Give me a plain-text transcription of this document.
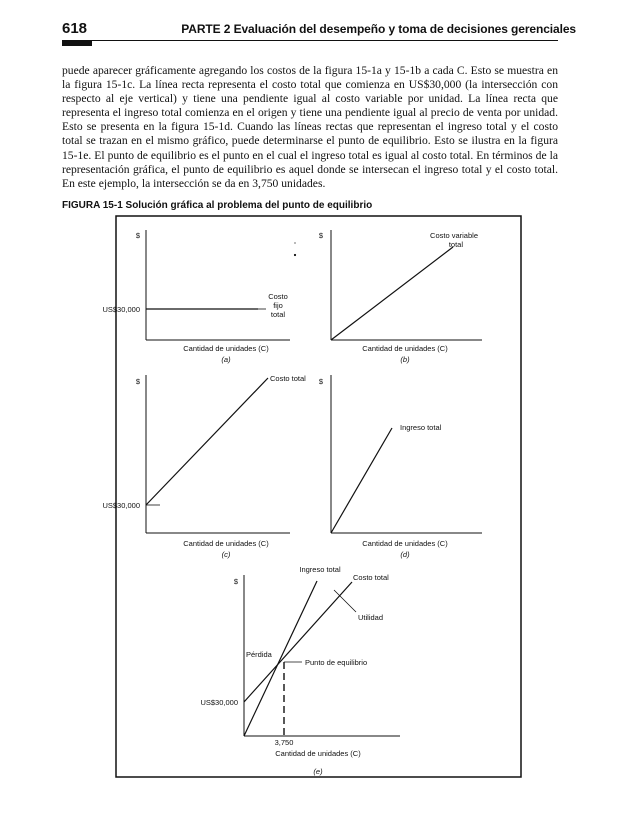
618	PARTE 2 Evaluación del desempeño y toma de decisiones gerenciales

puede aparecer gráficamente agregando los costos de la figura 15-1a y 15-1b a cada C. Esto se muestra en la figura 15-1c. La línea recta representa el costo total que comienza en US$30,000 (la intersección con respecto al eje vertical) y tiene una pendiente igual al costo variable por unidad. La línea recta que representa el ingreso total comienza en el origen y tiene una pendiente igual al precio de venta por unidad. Esto se presenta en la figura 15-1d. Cuando las líneas rectas que representan el ingreso total y el costo total se trazan en el mismo gráfico, puede determinarse el punto de equilibrio. Esto se ilustra en la figura 15-1e. El punto de equilibrio es el punto en el cual el ingreso total es igual al costo total. En términos de la representación gráfica, el punto de equilibrio es aquel donde se intersecan el ingreso total y el costo total. En este ejemplo, la intersección se da en 3,750 unidades.

FIGURA 15-1 Solución gráfica al problema del punto de equilibrio
$
US$30,000
Costo
fijo
total
Cantidad de unidades (C)
(a)
$	Costo variable
total
Cantidad de unidades (C)
(b)
$
US$30,000
Costo total
Cantidad de unidades (C)
(c)
$
Ingreso total
Cantidad de unidades (C)
(d)
$
US$30,000
Ingreso total
Costo total
Utilidad
Pérdida
Punto de equilibrio
3,750
Cantidad de unidades (C)
(e)
